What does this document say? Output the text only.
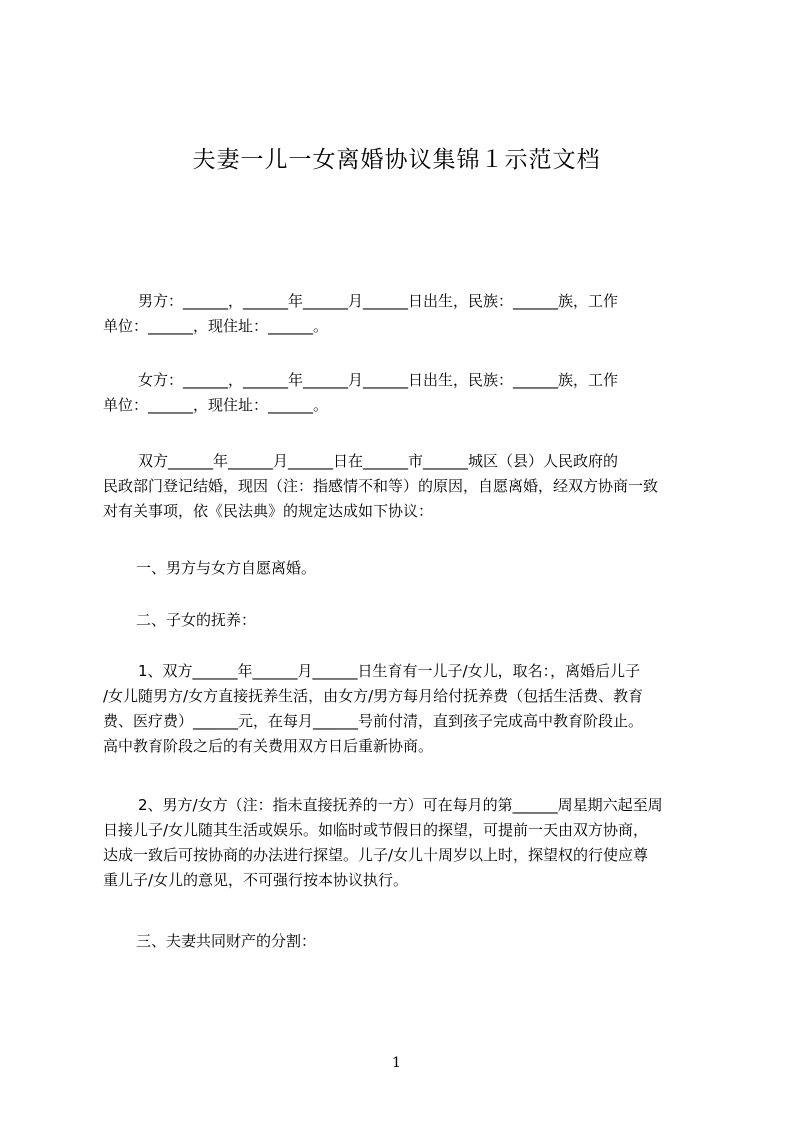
夫妻一儿一女离婚协议集锦１示范文档
男方：______，______年______月______日出生，民族：______族，工作
单位：______，现住址：______。
女方：______，______年______月______日出生，民族：______族，工作
单位：______，现住址：______。
双方______年______月______日在______市______城区（县）人民政府的
民政部门登记结婚，现因（注：指感情不和等）的原因，自愿离婚，经双方协商一致
对有关事项，依《民法典》的规定达成如下协议：

一、男方与女方自愿离婚。

二、子女的抚养：

1、双方______年______月______日生育有一儿子/女儿，取名：，离婚后儿子
/女儿随男方/女方直接抚养生活，由女方/男方每月给付抚养费（包括生活费、教育
费、医疗费）______元，在每月______号前付清，直到孩子完成高中教育阶段止。
高中教育阶段之后的有关费用双方日后重新协商。
2、男方/女方（注：指未直接抚养的一方）可在每月的第______周星期六起至周
日接儿子/女儿随其生活或娱乐。如临时或节假日的探望，可提前一天由双方协商，
达成一致后可按协商的办法进行探望。儿子/女儿十周岁以上时，探望权的行使应尊
重儿子/女儿的意见，不可强行按本协议执行。

三、夫妻共同财产的分割：

1
